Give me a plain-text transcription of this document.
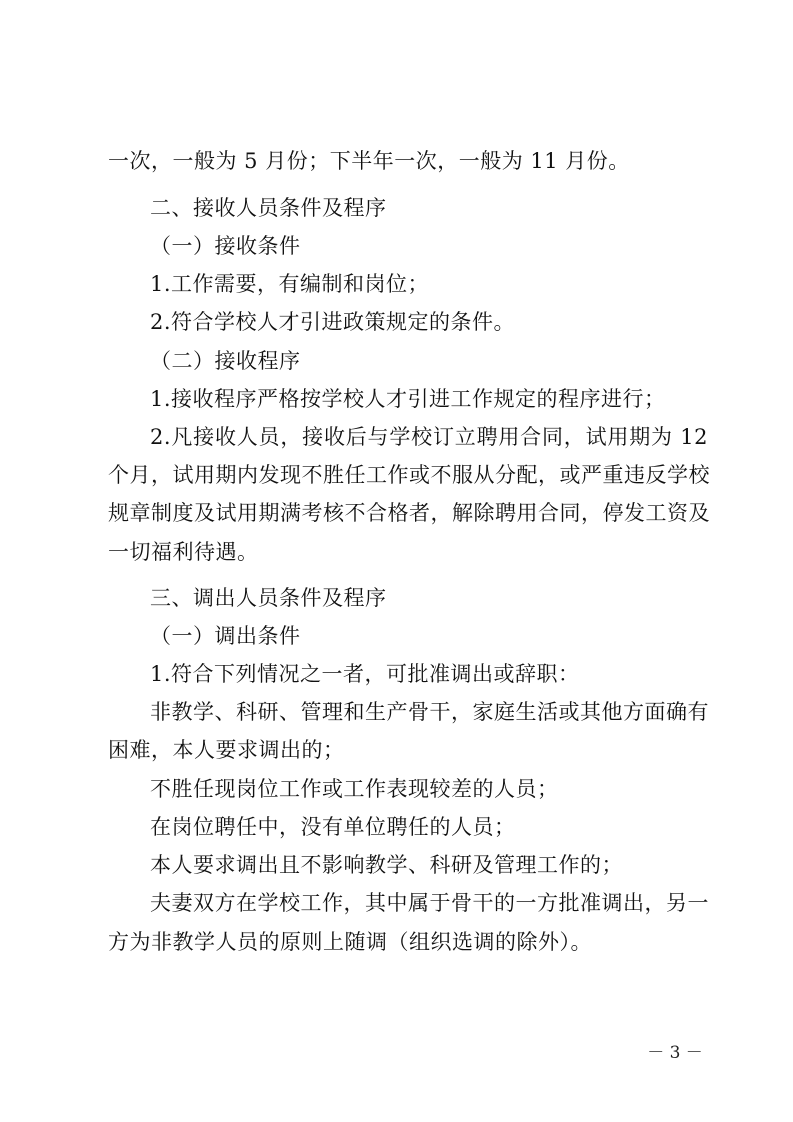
一次，一般为 5 月份；下半年一次，一般为 11 月份。
二、接收人员条件及程序
（一）接收条件
1.工作需要，有编制和岗位；
2.符合学校人才引进政策规定的条件。
（二）接收程序
1.接收程序严格按学校人才引进工作规定的程序进行；
2.凡接收人员，接收后与学校订立聘用合同，试用期为 12
个月，试用期内发现不胜任工作或不服从分配，或严重违反学校
规章制度及试用期满考核不合格者，解除聘用合同，停发工资及
一切福利待遇。
三、调出人员条件及程序
（一）调出条件
1.符合下列情况之一者，可批准调出或辞职：
非教学、科研、管理和生产骨干，家庭生活或其他方面确有
困难，本人要求调出的；
不胜任现岗位工作或工作表现较差的人员；
在岗位聘任中，没有单位聘任的人员；
本人要求调出且不影响教学、科研及管理工作的；
夫妻双方在学校工作，其中属于骨干的一方批准调出，另一
方为非教学人员的原则上随调（组织选调的除外）。
－ 3 －
